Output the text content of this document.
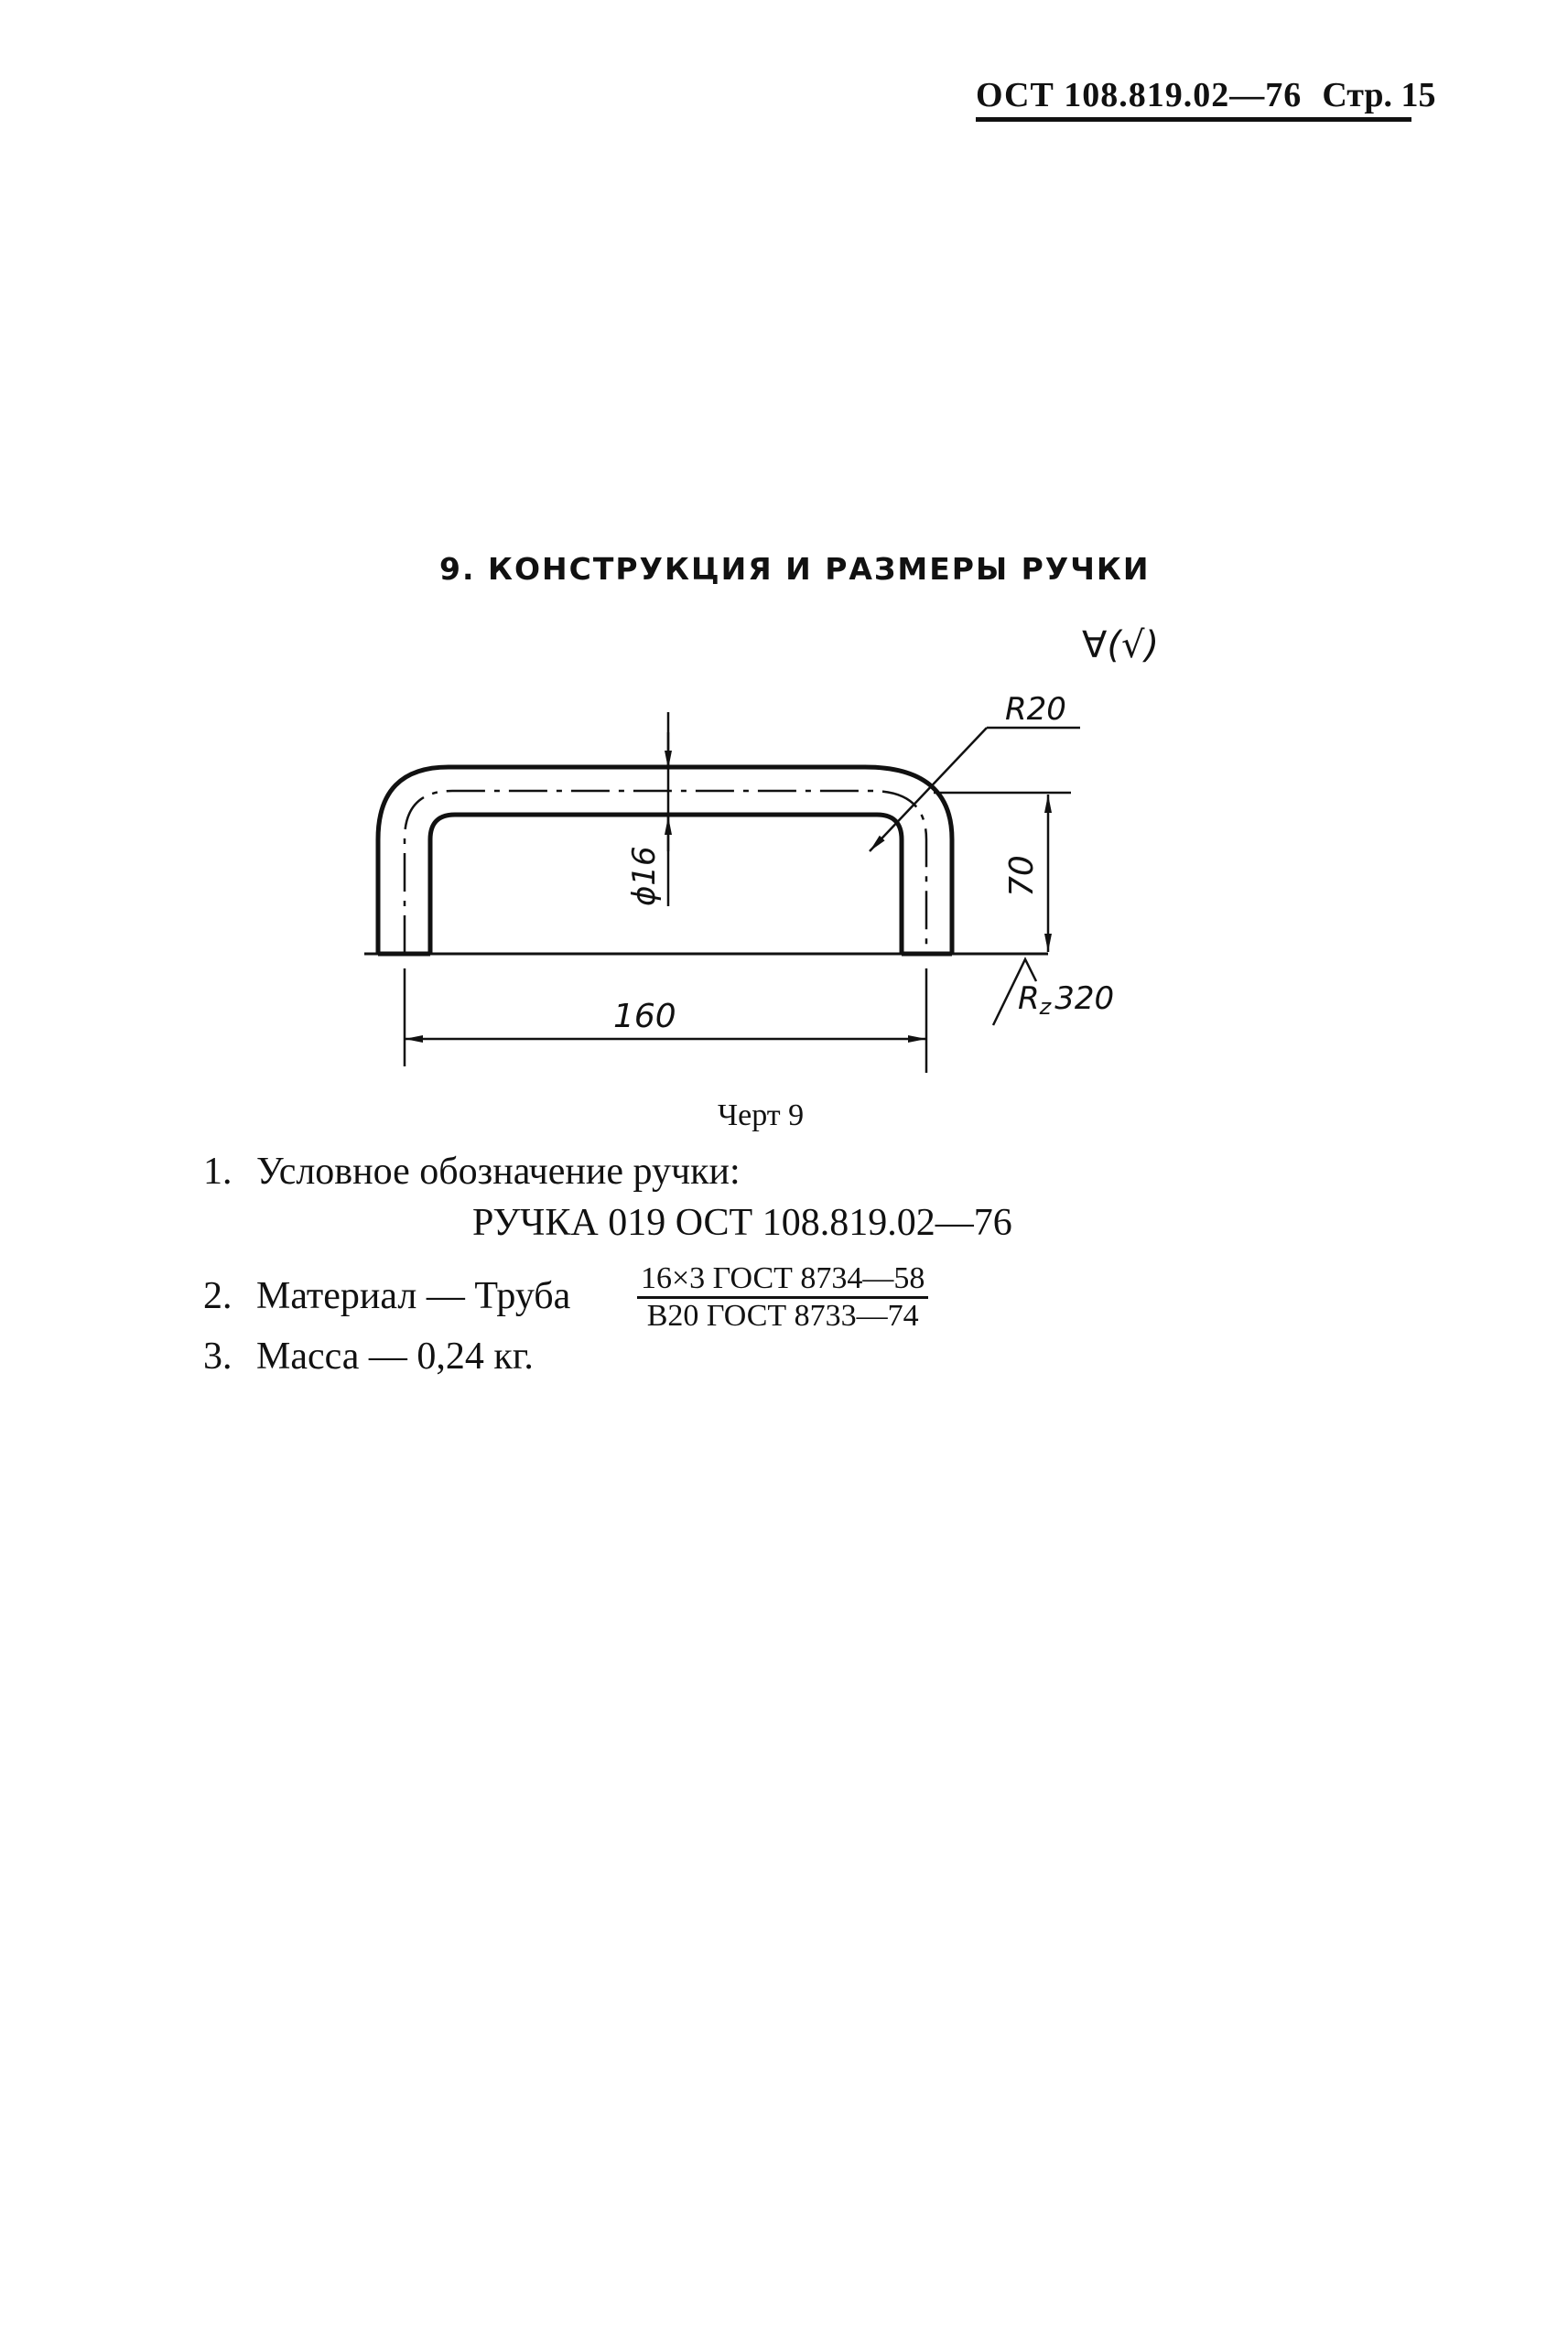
ОСТ 108.819.02—76 Стр. 15
9. КОНСТРУКЦИЯ И РАЗМЕРЫ РУЧКИ
ϕ16
R20
70
160	Rz 320
∀(√)
Черт 9
1. Условное обозначение ручки:
РУЧКА 019 ОСТ 108.819.02—76
2. Материал — Труба 16×3 ГОСТ 8734—58
В20 ГОСТ 8733—74
3. Масса — 0,24 кг.
